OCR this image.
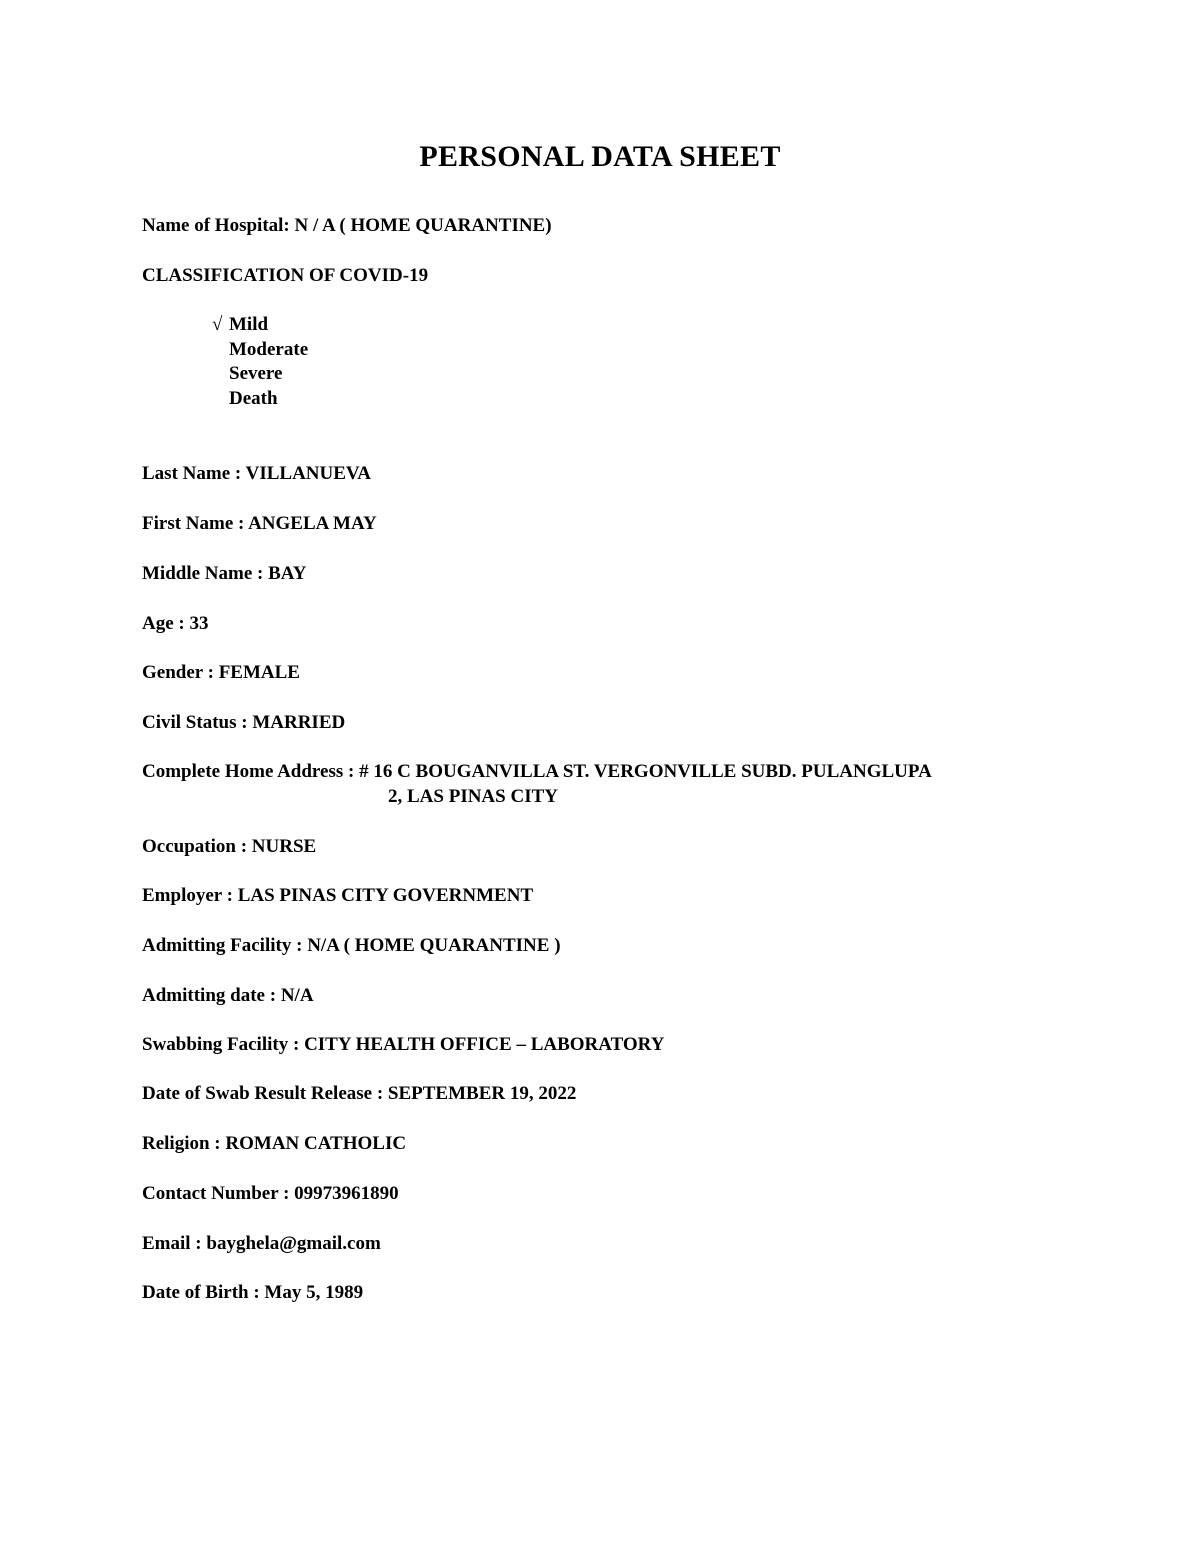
PERSONAL DATA SHEET
Name of Hospital: N / A ( HOME QUARANTINE)
CLASSIFICATION OF COVID-19
√ Mild
Moderate
Severe
Death
Last Name : VILLANUEVA
First Name : ANGELA MAY
Middle Name : BAY
Age : 33
Gender : FEMALE
Civil Status : MARRIED
Complete Home Address : # 16 C BOUGANVILLA ST. VERGONVILLE SUBD. PULANGLUPA
2, LAS PINAS CITY
Occupation : NURSE
Employer : LAS PINAS CITY GOVERNMENT
Admitting Facility : N/A ( HOME QUARANTINE )
Admitting date : N/A
Swabbing Facility : CITY HEALTH OFFICE – LABORATORY
Date of Swab Result Release : SEPTEMBER 19, 2022
Religion : ROMAN CATHOLIC
Contact Number : 09973961890
Email : bayghela@gmail.com
Date of Birth : May 5, 1989
